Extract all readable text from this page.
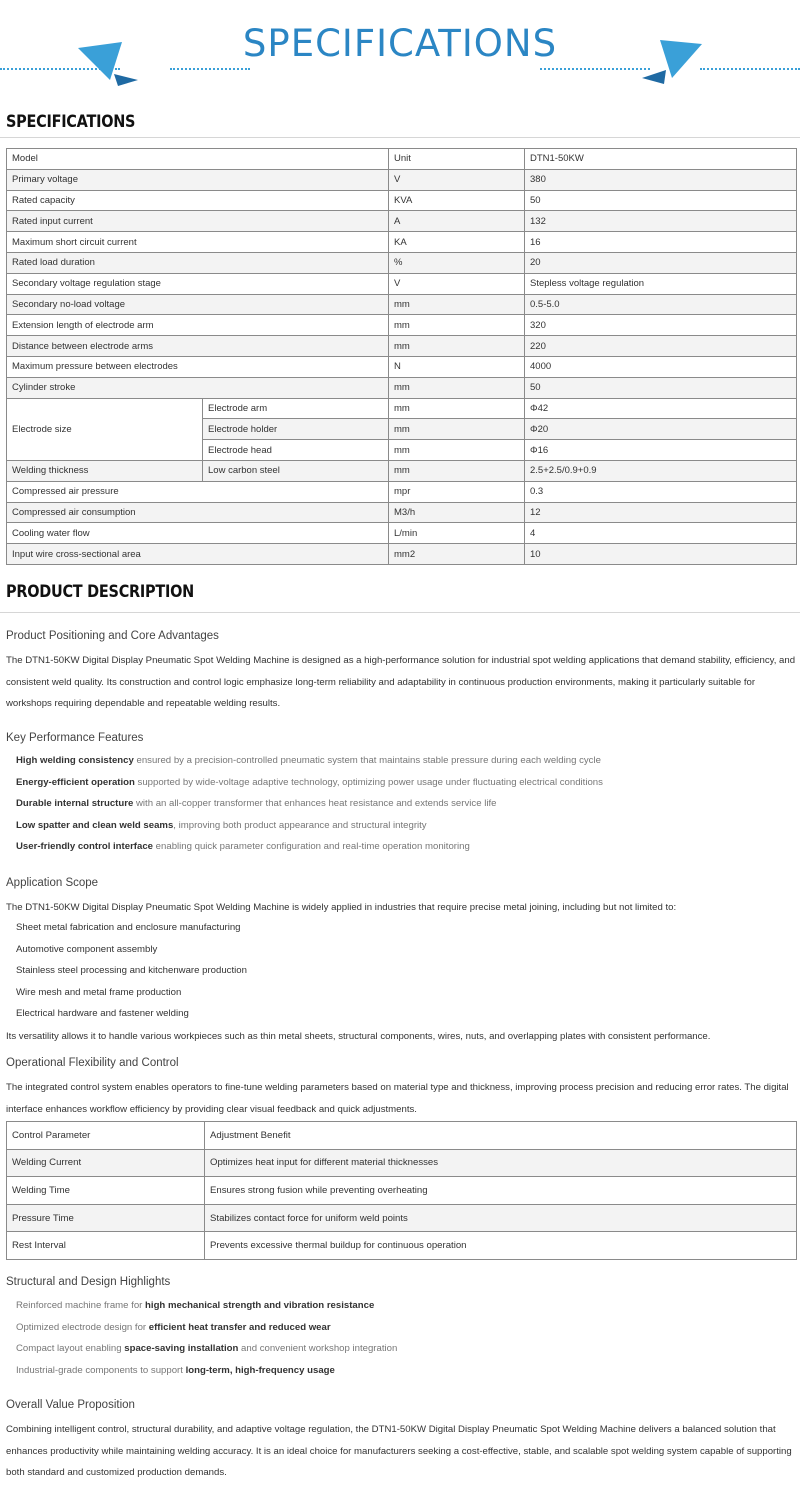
SPECIFICATIONS
SPECIFICATIONS
Model		Unit	DTN1-50KW
Primary voltage		V	380
Rated capacity		KVA	50
Rated input current		A	132
Maximum short circuit current		KA	16
Rated load duration		%	20
Secondary voltage regulation stage		V	Stepless voltage regulation
Secondary no-load voltage		mm	0.5-5.0
Extension length of electrode arm		mm	320
Distance between electrode arms		mm	220
Maximum pressure between electrodes		N	4000
Cylinder stroke		mm	50
Electrode size	Electrode arm	mm	Φ42
	Electrode holder	mm	Φ20
	Electrode head	mm	Φ16
Welding thickness	Low carbon steel	mm	2.5+2.5/0.9+0.9
Compressed air pressure		mpr	0.3
Compressed air consumption		M3/h	12
Cooling water flow		L/min	4
Input wire cross-sectional area		mm2	10
PRODUCT DESCRIPTION
Product Positioning and Core Advantages
The DTN1-50KW Digital Display Pneumatic Spot Welding Machine is designed as a high-performance solution for industrial spot welding applications that demand stability, efficiency, and consistent weld quality. Its construction and control logic emphasize long-term reliability and adaptability in continuous production environments, making it particularly suitable for workshops requiring dependable and repeatable welding results.
Key Performance Features
High welding consistency ensured by a precision-controlled pneumatic system that maintains stable pressure during each welding cycle
Energy-efficient operation supported by wide-voltage adaptive technology, optimizing power usage under fluctuating electrical conditions
Durable internal structure with an all-copper transformer that enhances heat resistance and extends service life
Low spatter and clean weld seams, improving both product appearance and structural integrity
User-friendly control interface enabling quick parameter configuration and real-time operation monitoring
Application Scope
The DTN1-50KW Digital Display Pneumatic Spot Welding Machine is widely applied in industries that require precise metal joining, including but not limited to:
Sheet metal fabrication and enclosure manufacturing
Automotive component assembly
Stainless steel processing and kitchenware production
Wire mesh and metal frame production
Electrical hardware and fastener welding
Its versatility allows it to handle various workpieces such as thin metal sheets, structural components, wires, nuts, and overlapping plates with consistent performance.
Operational Flexibility and Control
The integrated control system enables operators to fine-tune welding parameters based on material type and thickness, improving process precision and reducing error rates. The digital interface enhances workflow efficiency by providing clear visual feedback and quick adjustments.
Control Parameter	Adjustment Benefit
Welding Current	Optimizes heat input for different material thicknesses
Welding Time	Ensures strong fusion while preventing overheating
Pressure Time	Stabilizes contact force for uniform weld points
Rest Interval	Prevents excessive thermal buildup for continuous operation
Structural and Design Highlights
Reinforced machine frame for high mechanical strength and vibration resistance
Optimized electrode design for efficient heat transfer and reduced wear
Compact layout enabling space-saving installation and convenient workshop integration
Industrial-grade components to support long-term, high-frequency usage
Overall Value Proposition
Combining intelligent control, structural durability, and adaptive voltage regulation, the DTN1-50KW Digital Display Pneumatic Spot Welding Machine delivers a balanced solution that enhances productivity while maintaining welding accuracy. It is an ideal choice for manufacturers seeking a cost-effective, stable, and scalable spot welding system capable of supporting both standard and customized production demands.
